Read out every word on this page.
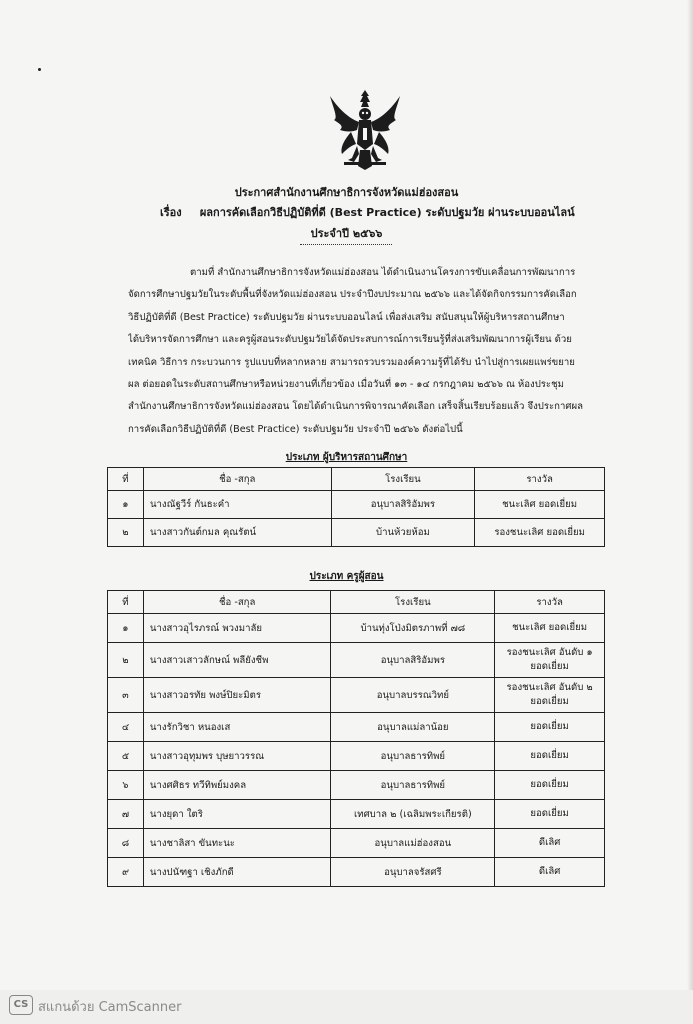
ประกาศสำนักงานศึกษาธิการจังหวัดแม่ฮ่องสอน
เรื่อง ผลการคัดเลือกวิธีปฏิบัติที่ดี (Best Practice) ระดับปฐมวัย ผ่านระบบออนไลน์
ประจำปี ๒๕๖๖

ตามที่ สำนักงานศึกษาธิการจังหวัดแม่ฮ่องสอน ได้ดำเนินงานโครงการขับเคลื่อนการพัฒนาการ

จัดการศึกษาปฐมวัยในระดับพื้นที่จังหวัดแม่ฮ่องสอน ประจำปีงบประมาณ ๒๕๖๖ และได้จัดกิจกรรมการคัดเลือก

วิธีปฏิบัติที่ดี (Best Practice) ระดับปฐมวัย ผ่านระบบออนไลน์ เพื่อส่งเสริม สนับสนุนให้ผู้บริหารสถานศึกษา

ได้บริหารจัดการศึกษา และครูผู้สอนระดับปฐมวัยได้จัดประสบการณ์การเรียนรู้ที่ส่งเสริมพัฒนาการผู้เรียน ด้วย

เทคนิค วิธีการ กระบวนการ รูปแบบที่หลากหลาย สามารถรวบรวมองค์ความรู้ที่ได้รับ นำไปสู่การเผยแพร่ขยาย

ผล ต่อยอดในระดับสถานศึกษาหรือหน่วยงานที่เกี่ยวข้อง เมื่อวันที่ ๑๓ - ๑๔ กรกฎาคม ๒๕๖๖ ณ ห้องประชุม

สำนักงานศึกษาธิการจังหวัดแม่ฮ่องสอน โดยได้ดำเนินการพิจารณาคัดเลือก เสร็จสิ้นเรียบร้อยแล้ว จึงประกาศผล

การคัดเลือกวิธีปฏิบัติที่ดี (Best Practice) ระดับปฐมวัย ประจำปี ๒๕๖๖ ดังต่อไปนี้

ประเภท ผู้บริหารสถานศึกษา
ที่	ชื่อ -สกุล	โรงเรียน	รางวัล
๑	นางณัฐวีร์ กันธะคำ	อนุบาลสิริอัมพร	ชนะเลิศ ยอดเยี่ยม
๒	นางสาวกันต์กมล คุณรัตน์	บ้านห้วยห้อม	รองชนะเลิศ ยอดเยี่ยม
ประเภท ครูผู้สอน
ที่	ชื่อ -สกุล	โรงเรียน	รางวัล
๑	นางสาวอุไรภรณ์ พวงมาลัย	บ้านทุ่งโป่งมิตรภาพที่ ๗๘	ชนะเลิศ ยอดเยี่ยม
๒	นางสาวเสาวลักษณ์ พลียังชีพ	อนุบาลสิริอัมพร	รองชนะเลิศ อันดับ ๑ ยอดเยี่ยม
๓	นางสาวอรทัย พงษ์ปิยะมิตร	อนุบาลบรรณวิทย์	รองชนะเลิศ อันดับ ๒ ยอดเยี่ยม
๔	นางรักวิชา หนองเส	อนุบาลแม่ลาน้อย	ยอดเยี่ยม
๕	นางสาวอุทุมพร บุษยาวรรณ	อนุบาลธารทิพย์	ยอดเยี่ยม
๖	นางศศิธร ทวีทิพย์มงคล	อนุบาลธารทิพย์	ยอดเยี่ยม
๗	นางยุดา ใตริ	เทศบาล ๒ (เฉลิมพระเกียรติ)	ยอดเยี่ยม
๘	นางชาลิสา ขันทะนะ	อนุบาลแม่ฮ่องสอน	ดีเลิศ
๙	นางปนัฑฐา เชิงภักดี	อนุบาลจรัสศรี	ดีเลิศ
CS สแกนด้วย CamScanner
